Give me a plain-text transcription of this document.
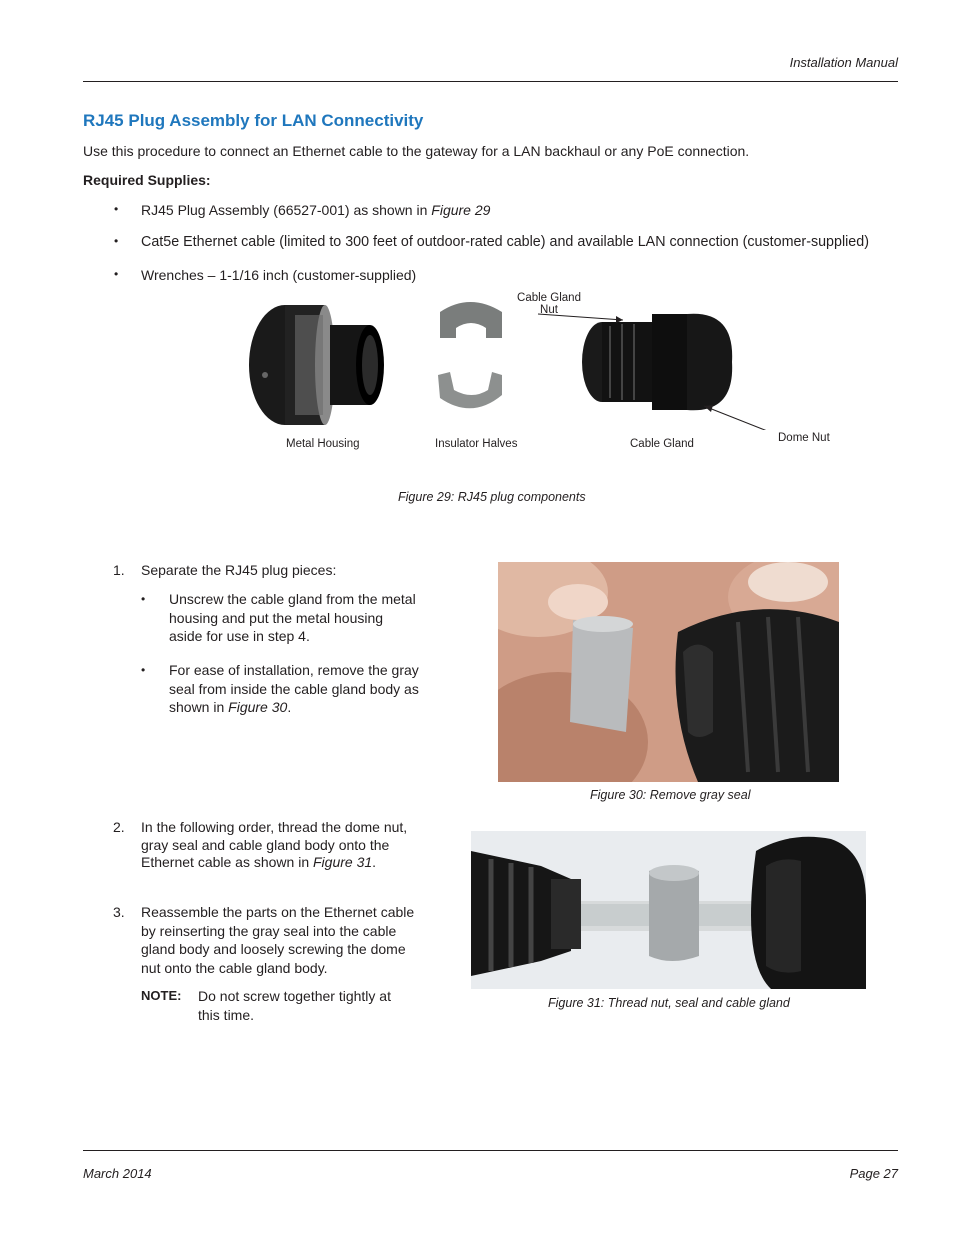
Installation Manual
RJ45 Plug Assembly for LAN Connectivity
Use this procedure to connect an Ethernet cable to the gateway for a LAN backhaul or any PoE connection.
Required Supplies:
• RJ45 Plug Assembly (66527-001) as shown in Figure 29
• Cat5e Ethernet cable (limited to 300 feet of outdoor-rated cable) and available LAN connection (customer-supplied)
• Wrenches – 1-1/16 inch (customer-supplied)
Cable Gland
Nut
Metal Housing	Insulator Halves	Cable Gland	Dome Nut
Figure 29: RJ45 plug components
1. Separate the RJ45 plug pieces:
• Unscrew the cable gland from the metal
housing and put the metal housing
aside for use in step 4.
• For ease of installation, remove the gray
seal from inside the cable gland body as
shown in Figure 30.
Figure 30: Remove gray seal
2. In the following order, thread the dome nut,
gray seal and cable gland body onto the
Ethernet cable as shown in Figure 31.
3. Reassemble the parts on the Ethernet cable
by reinserting the gray seal into the cable
gland body and loosely screwing the dome
nut onto the cable gland body.
NOTE: Do not screw together tightly at
this time.
Figure 31: Thread nut, seal and cable gland
March 2014	Page 27
